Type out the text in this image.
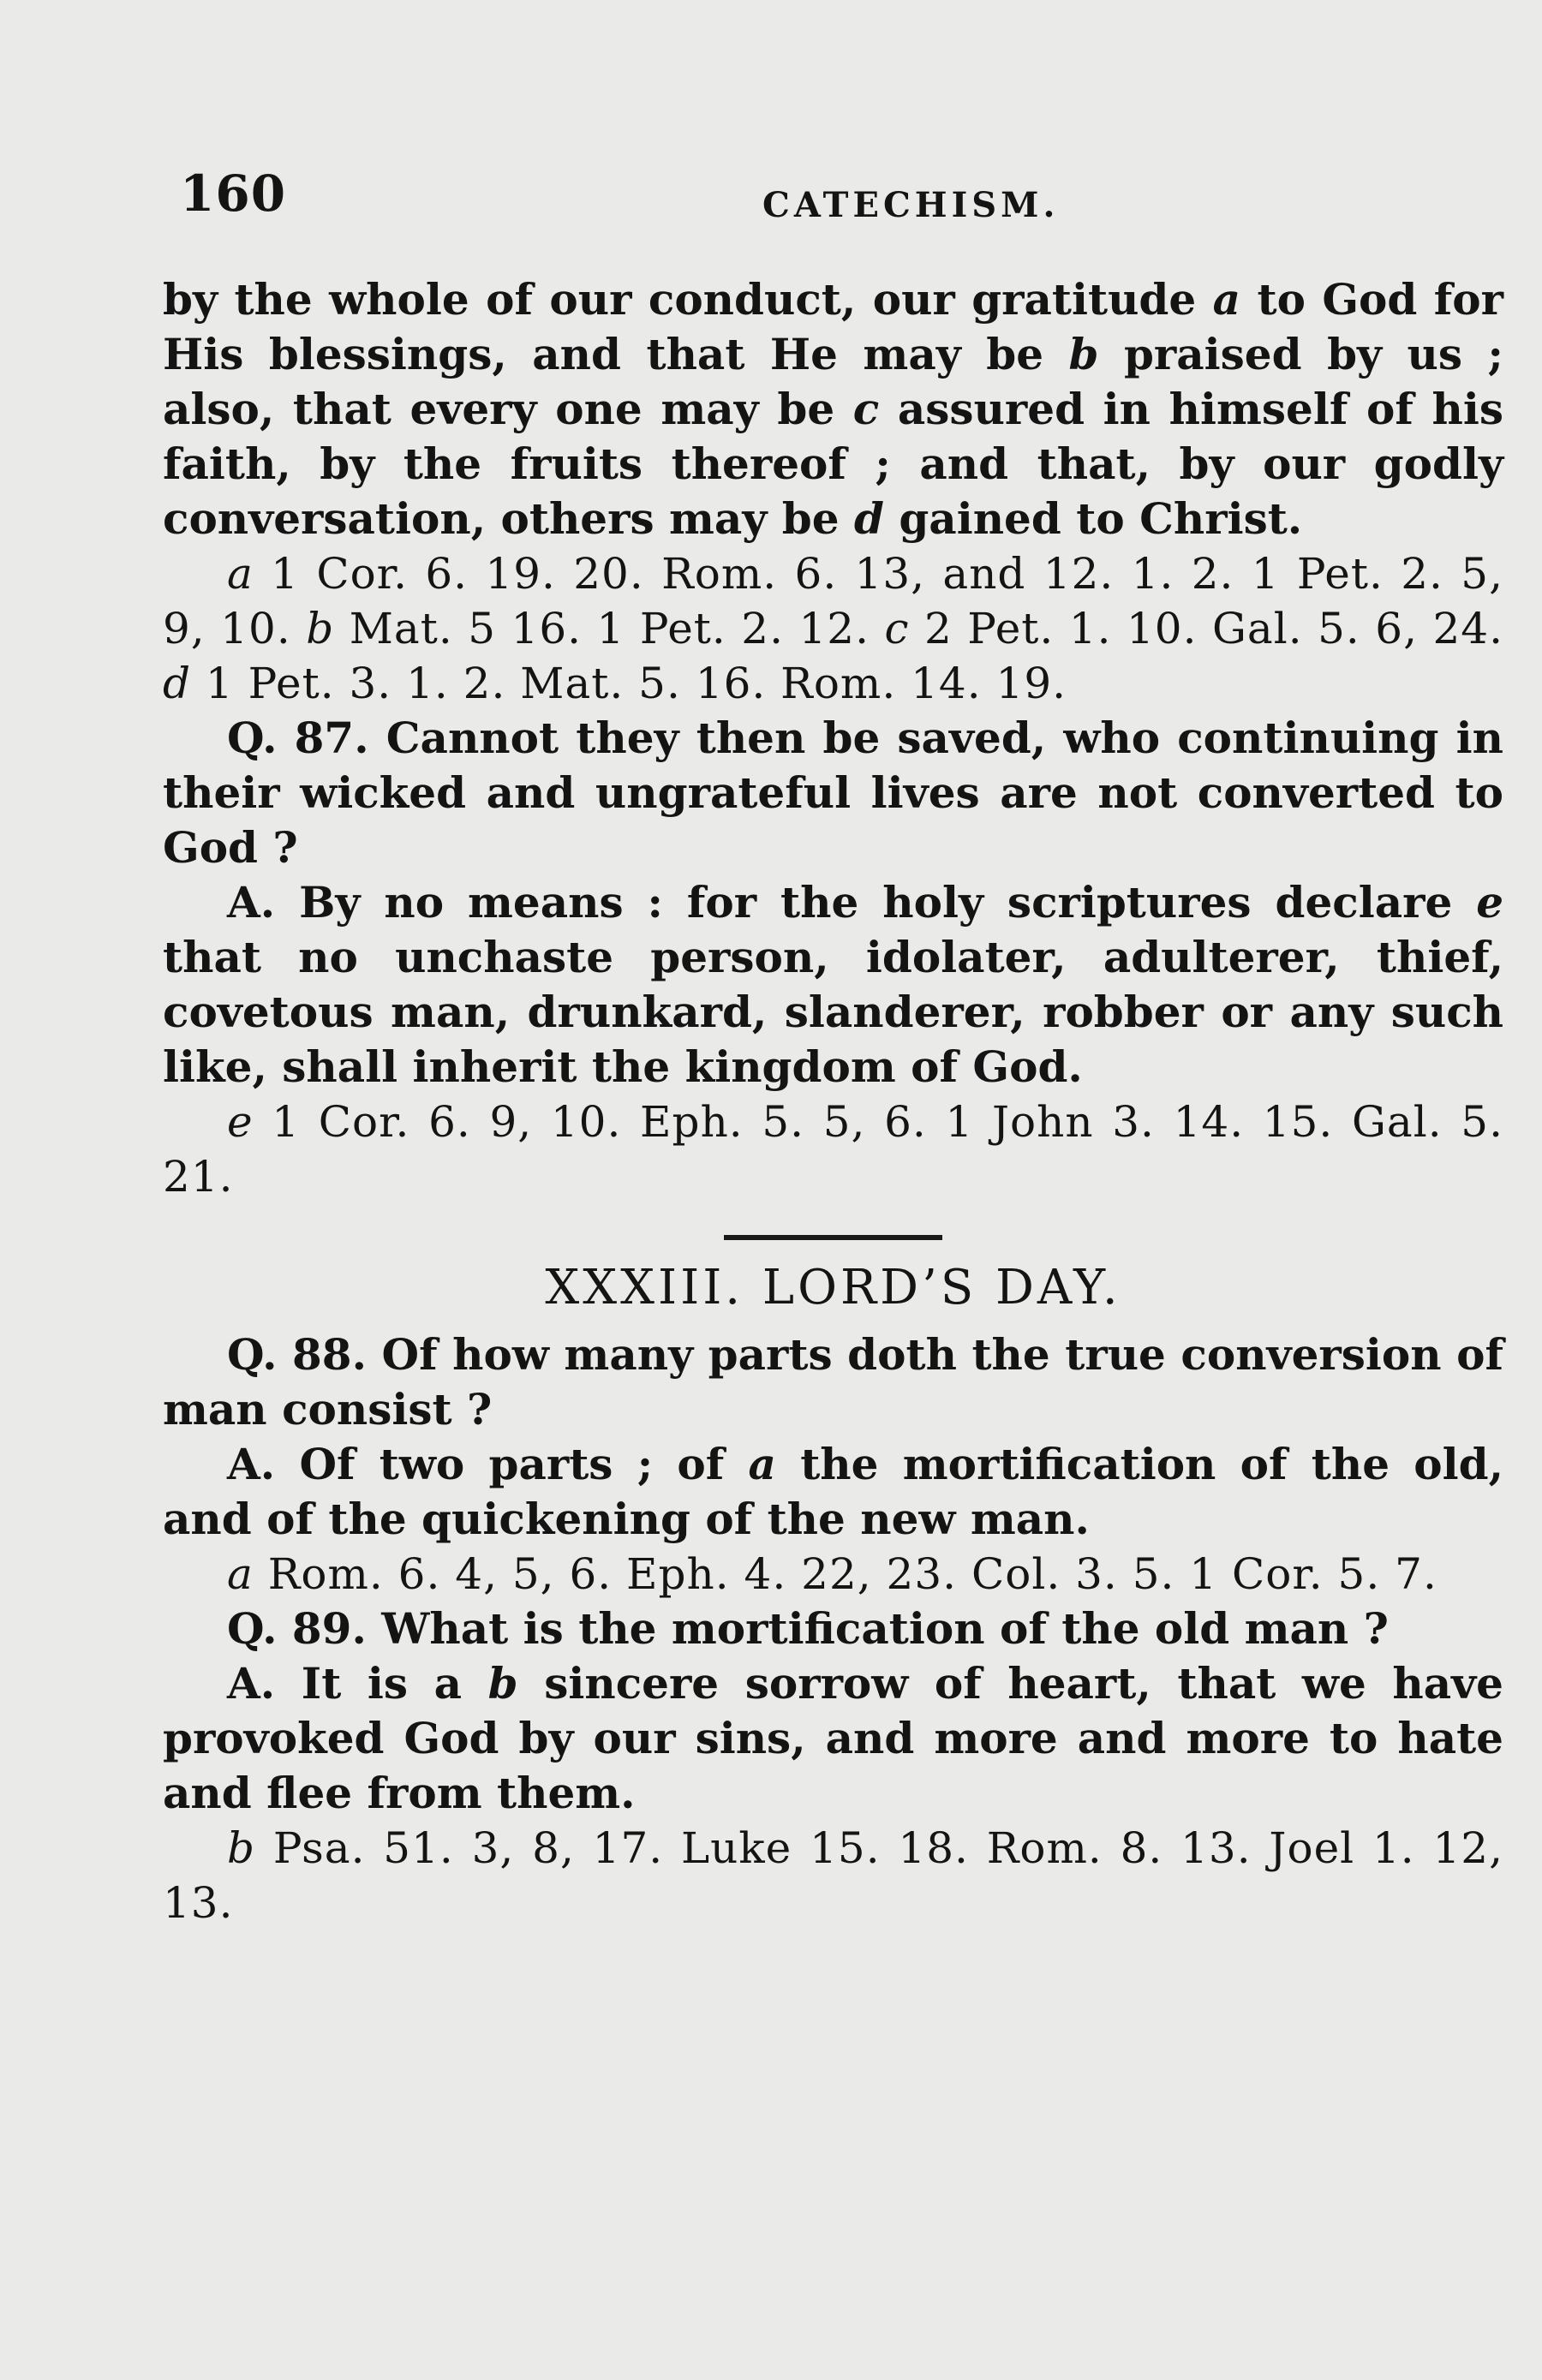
160	CATECHISM.

by the whole of our conduct, our gratitude a to God for His blessings, and that He may be b praised by us ; also, that every one may be c assured in himself of his faith, by the fruits thereof ; and that, by our godly conversation, others may be d gained to Christ.

a 1 Cor. 6. 19. 20. Rom. 6. 13, and 12. 1. 2. 1 Pet. 2. 5, 9, 10. b Mat. 5 16. 1 Pet. 2. 12. c 2 Pet. 1. 10. Gal. 5. 6, 24. d 1 Pet. 3. 1. 2. Mat. 5. 16. Rom. 14. 19.

Q. 87. Cannot they then be saved, who continuing in their wicked and ungrateful lives are not converted to God ?

A. By no means : for the holy scriptures declare e that no unchaste person, idolater, adulterer, thief, covetous man, drunkard, slanderer, robber or any such like, shall inherit the kingdom of God.

e 1 Cor. 6. 9, 10. Eph. 5. 5, 6. 1 John 3. 14. 15. Gal. 5. 21.

XXXIII. LORD’S DAY.

Q. 88. Of how many parts doth the true conversion of man consist ?

A. Of two parts ; of a the mortification of the old, and of the quickening of the new man.

a Rom. 6. 4, 5, 6. Eph. 4. 22, 23. Col. 3. 5. 1 Cor. 5. 7.

Q. 89. What is the mortification of the old man ?

A. It is a b sincere sorrow of heart, that we have provoked God by our sins, and more and more to hate and flee from them.

b Psa. 51. 3, 8, 17. Luke 15. 18. Rom. 8. 13. Joel 1. 12, 13.
